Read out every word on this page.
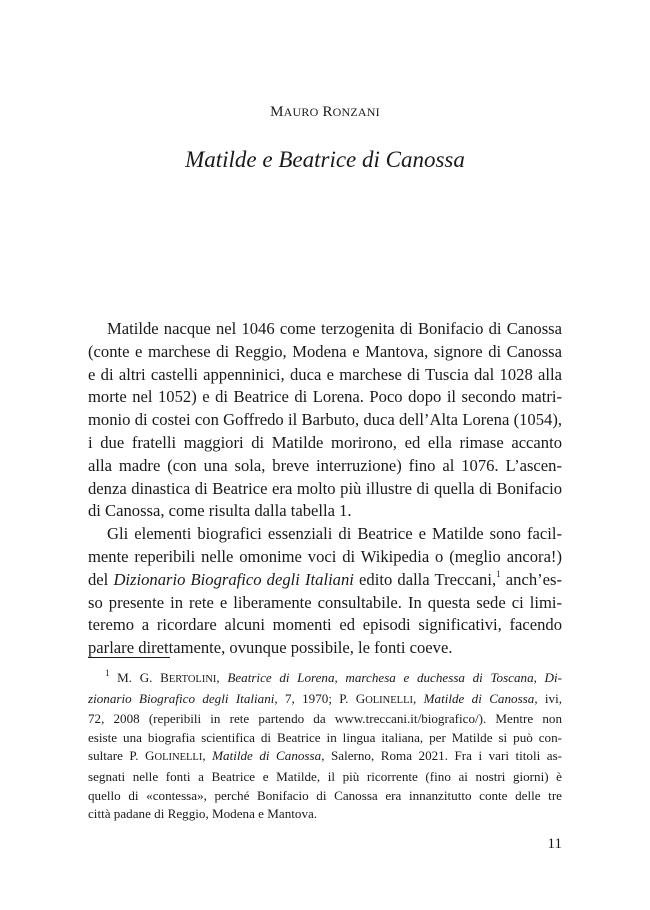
MAURO RONZANI
Matilde e Beatrice di Canossa
Matilde nacque nel 1046 come terzogenita di Bonifacio di Canossa
(conte e marchese di Reggio, Modena e Mantova, signore di Canossa
e di altri castelli appenninici, duca e marchese di Tuscia dal 1028 alla
morte nel 1052) e di Beatrice di Lorena. Poco dopo il secondo matri-
monio di costei con Goffredo il Barbuto, duca dell’Alta Lorena (1054),
i due fratelli maggiori di Matilde morirono, ed ella rimase accanto
alla madre (con una sola, breve interruzione) fino al 1076. L’ascen-
denza dinastica di Beatrice era molto più illustre di quella di Bonifacio
di Canossa, come risulta dalla tabella 1.
Gli elementi biografici essenziali di Beatrice e Matilde sono facil-
mente reperibili nelle omonime voci di Wikipedia o (meglio ancora!)
del Dizionario Biografico degli Italiani edito dalla Treccani,$^1$ anch’es-
so presente in rete e liberamente consultabile. In questa sede ci limi-
teremo a ricordare alcuni momenti ed episodi significativi, facendo
parlare direttamente, ovunque possibile, le fonti coeve.
$^1$ M. G. BERTOLINI, Beatrice di Lorena, marchesa e duchessa di Toscana, Di-
zionario Biografico degli Italiani, 7, 1970; P. GOLINELLI, Matilde di Canossa, ivi,
72, 2008 (reperibili in rete partendo da www.treccani.it/biografico/). Mentre non
esiste una biografia scientifica di Beatrice in lingua italiana, per Matilde si può con-
sultare P. GOLINELLI, Matilde di Canossa, Salerno, Roma 2021. Fra i vari titoli as-
segnati nelle fonti a Beatrice e Matilde, il più ricorrente (fino ai nostri giorni) è
quello di «contessa», perché Bonifacio di Canossa era innanzitutto conte delle tre
città padane di Reggio, Modena e Mantova.
11
